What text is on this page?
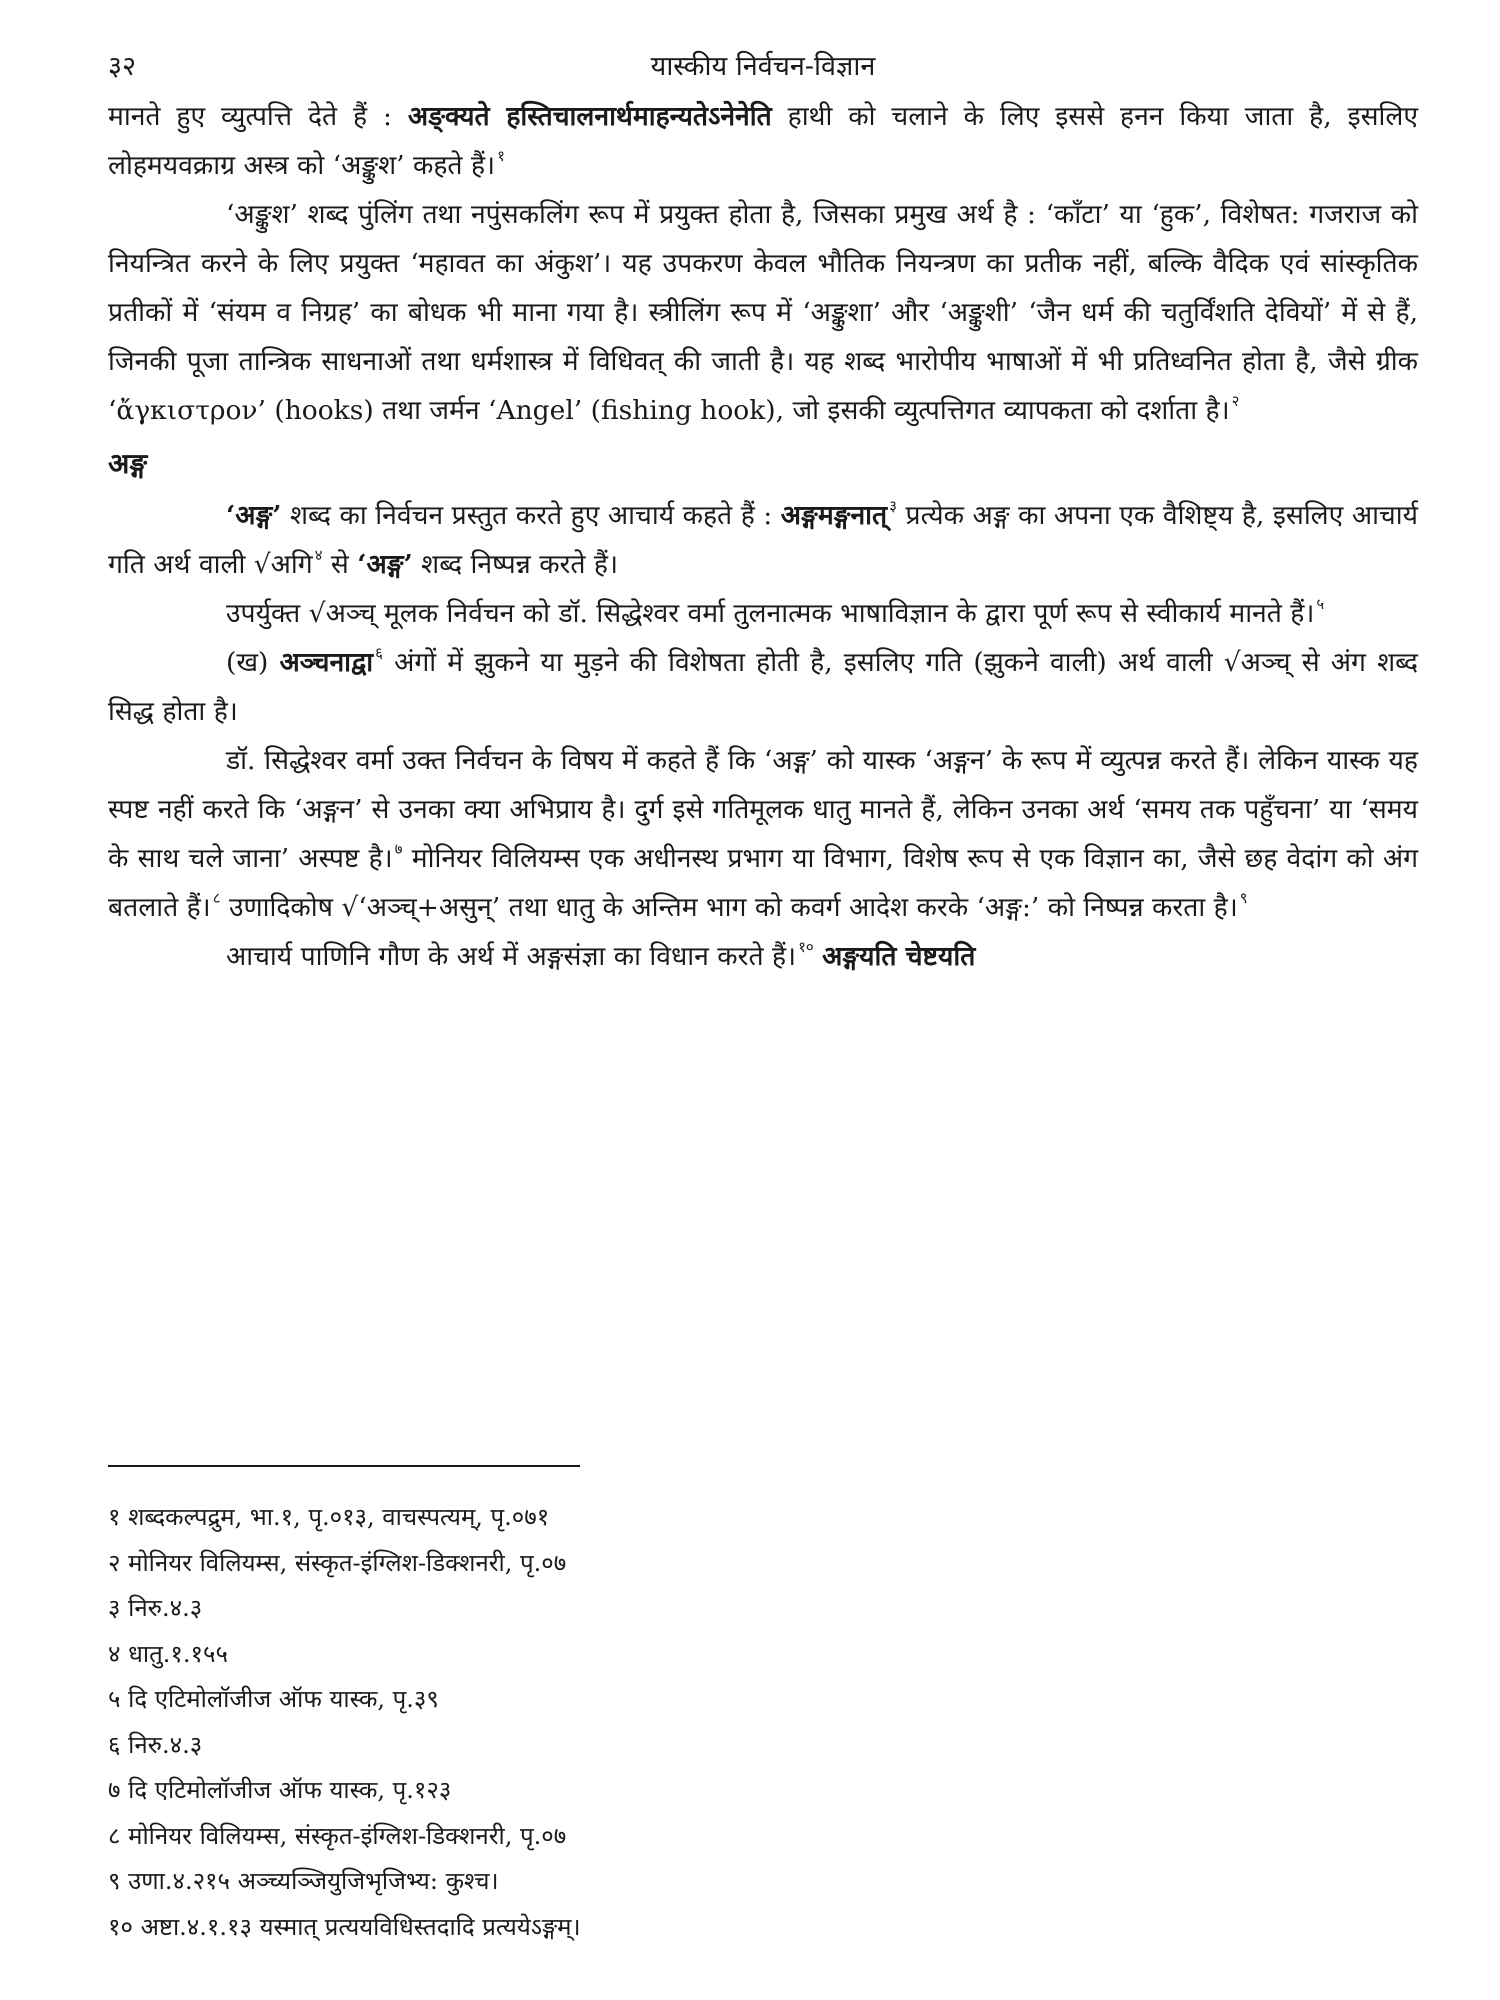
३२	यास्कीय निर्वचन-विज्ञान

मानते हुए व्युत्पत्ति देते हैं : अङ्क्यते हस्तिचालनार्थमाहन्यतेऽनेनेति हाथी को चलाने के लिए इससे हनन किया जाता है, इसलिए लोहमयवक्राग्र अस्त्र को ‘अङ्कुश’ कहते हैं। $^१$

‘अङ्कुश’ शब्द पुंलिंग तथा नपुंसकलिंग रूप में प्रयुक्त होता है, जिसका प्रमुख अर्थ है : ‘काँटा’ या ‘हुक’, विशेषत: गजराज को नियन्त्रित करने के लिए प्रयुक्त ‘महावत का अंकुश’। यह उपकरण केवल भौतिक नियन्त्रण का प्रतीक नहीं, बल्कि वैदिक एवं सांस्कृतिक प्रतीकों में ‘संयम व निग्रह’ का बोधक भी माना गया है। स्त्रीलिंग रूप में ‘अङ्कुशा’ और ‘अङ्कुशी’ ‘जैन धर्म की चतुर्विंशति देवियों’ में से हैं, जिनकी पूजा तान्त्रिक साधनाओं तथा धर्मशास्त्र में विधिवत् की जाती है। यह शब्द भारोपीय भाषाओं में भी प्रतिध्वनित होता है, जैसे ग्रीक ‘ἄγκιστρον’ (hooks) तथा जर्मन ‘Angel’ (fishing hook), जो इसकी व्युत्पत्तिगत व्यापकता को दर्शाता है। $^२$

अङ्ग

‘अङ्ग’ शब्द का निर्वचन प्रस्तुत करते हुए आचार्य कहते हैं : अङ्गमङ्गनात् $^३$ प्रत्येक अङ्ग का अपना एक वैशिष्ट्य है, इसलिए आचार्य गति अर्थ वाली √अगि $^४$ से ‘अङ्ग’ शब्द निष्पन्न करते हैं।

उपर्युक्त √अञ्च् मूलक निर्वचन को डॉ. सिद्धेश्वर वर्मा तुलनात्मक भाषाविज्ञान के द्वारा पूर्ण रूप से स्वीकार्य मानते हैं। $^५$

(ख) अञ्चनाद्वा $^६$ अंगों में झुकने या मुड़ने की विशेषता होती है, इसलिए गति (झुकने वाली) अर्थ वाली √अञ्च् से अंग शब्द सिद्ध होता है।

डॉ. सिद्धेश्वर वर्मा उक्त निर्वचन के विषय में कहते हैं कि ‘अङ्ग’ को यास्क ‘अङ्गन’ के रूप में व्युत्पन्न करते हैं। लेकिन यास्क यह स्पष्ट नहीं करते कि ‘अङ्गन’ से उनका क्या अभिप्राय है। दुर्ग इसे गतिमूलक धातु मानते हैं, लेकिन उनका अर्थ ‘समय तक पहुँचना’ या ‘समय के साथ चले जाना’ अस्पष्ट है। $^७$ मोनियर विलियम्स एक अधीनस्थ प्रभाग या विभाग, विशेष रूप से एक विज्ञान का, जैसे छह वेदांग को अंग बतलाते हैं। $^८$ उणादिकोष √‘अञ्च्+असुन्’ तथा धातु के अन्तिम भाग को कवर्ग आदेश करके ‘अङ्ग:’ को निष्पन्न करता है। $^९$

आचार्य पाणिनि गौण के अर्थ में अङ्गसंज्ञा का विधान करते हैं। $^{१०}$ अङ्गयति चेष्टयति

१ शब्दकल्पद्रुम, भा.१, पृ.०१३, वाचस्पत्यम्, पृ.०७१
२ मोनियर विलियम्स, संस्कृत-इंग्लिश-डिक्शनरी, पृ.०७
३ निरु.४.३
४ धातु.१.१५५
५ दि एटिमोलॉजीज ऑफ यास्क, पृ.३९
६ निरु.४.३
७ दि एटिमोलॉजीज ऑफ यास्क, पृ.१२३
८ मोनियर विलियम्स, संस्कृत-इंग्लिश-डिक्शनरी, पृ.०७
९ उणा.४.२१५ अञ्च्यञ्जियुजिभृजिभ्य: कुश्च।
१० अष्टा.४.१.१३ यस्मात् प्रत्ययविधिस्तदादि प्रत्ययेऽङ्गम्।
